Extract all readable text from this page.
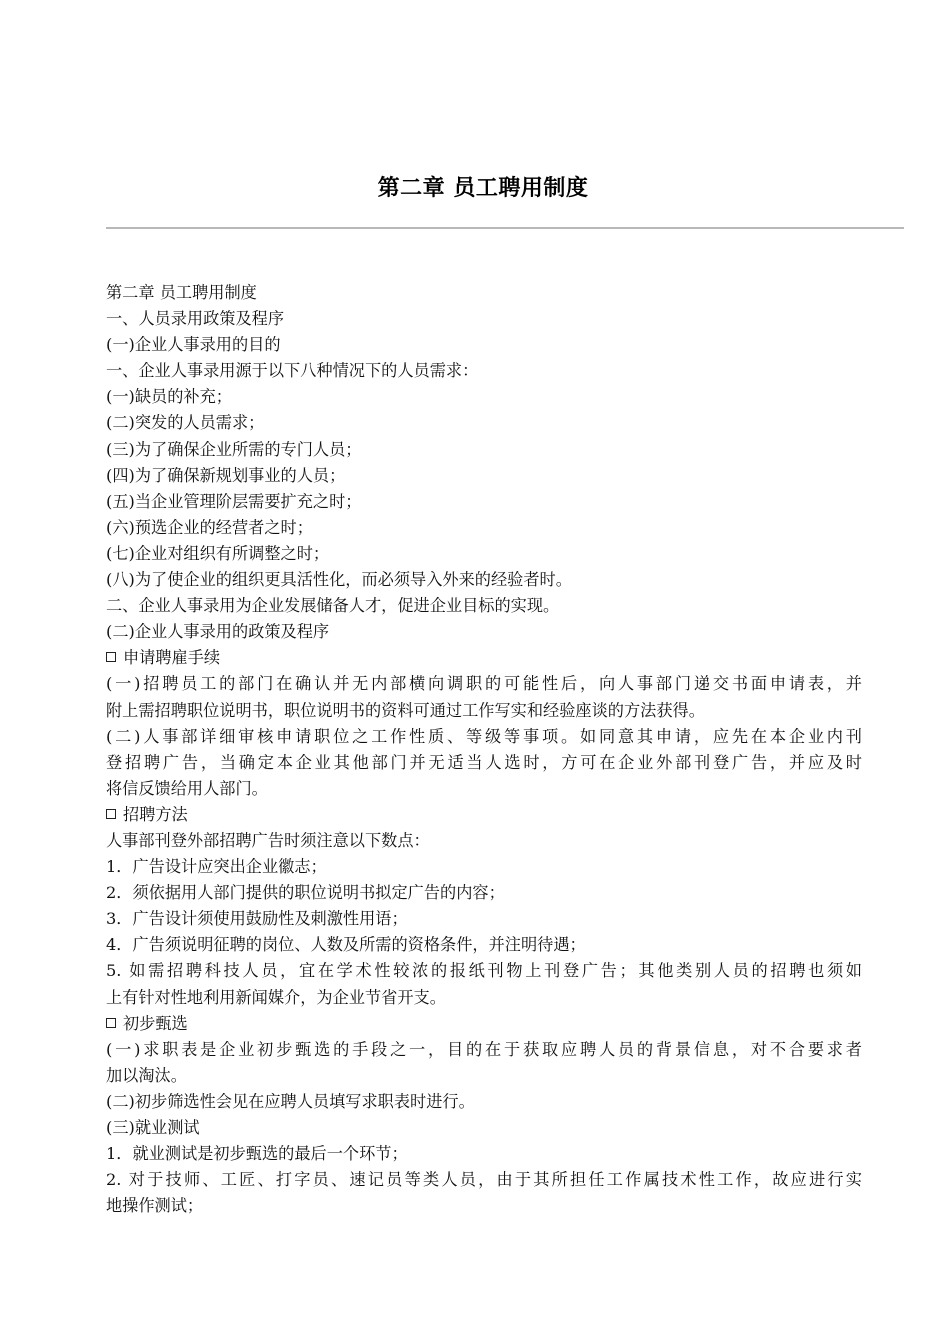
第二章 员工聘用制度
第二章 员工聘用制度
一、人员录用政策及程序
(一)企业人事录用的目的
一、企业人事录用源于以下八种情况下的人员需求：
(一)缺员的补充；
(二)突发的人员需求；
(三)为了确保企业所需的专门人员；
(四)为了确保新规划事业的人员；
(五)当企业管理阶层需要扩充之时；
(六)预选企业的经营者之时；
(七)企业对组织有所调整之时；
(八)为了使企业的组织更具活性化，而必须导入外来的经验者时。
二、企业人事录用为企业发展储备人才，促进企业目标的实现。
(二)企业人事录用的政策及程序
申请聘雇手续
(一)招聘员工的部门在确认并无内部横向调职的可能性后，向人事部门递交书面申请表，并
附上需招聘职位说明书，职位说明书的资料可通过工作写实和经验座谈的方法获得。
(二)人事部详细审核申请职位之工作性质、等级等事项。如同意其申请，应先在本企业内刊
登招聘广告，当确定本企业其他部门并无适当人选时，方可在企业外部刊登广告，并应及时
将信反馈给用人部门。
招聘方法
人事部刊登外部招聘广告时须注意以下数点：
1．广告设计应突出企业徽志；
2．须依据用人部门提供的职位说明书拟定广告的内容；
3．广告设计须使用鼓励性及刺激性用语；
4．广告须说明征聘的岗位、人数及所需的资格条件，并注明待遇；
5. 如需招聘科技人员，宜在学术性较浓的报纸刊物上刊登广告；其他类别人员的招聘也须如
上有针对性地利用新闻媒介，为企业节省开支。
初步甄选
(一)求职表是企业初步甄选的手段之一，目的在于获取应聘人员的背景信息，对不合要求者
加以淘汰。
(二)初步筛选性会见在应聘人员填写求职表时进行。
(三)就业测试
1．就业测试是初步甄选的最后一个环节；
2. 对于技师、工匠、打字员、速记员等类人员，由于其所担任工作属技术性工作，故应进行实
地操作测试；
